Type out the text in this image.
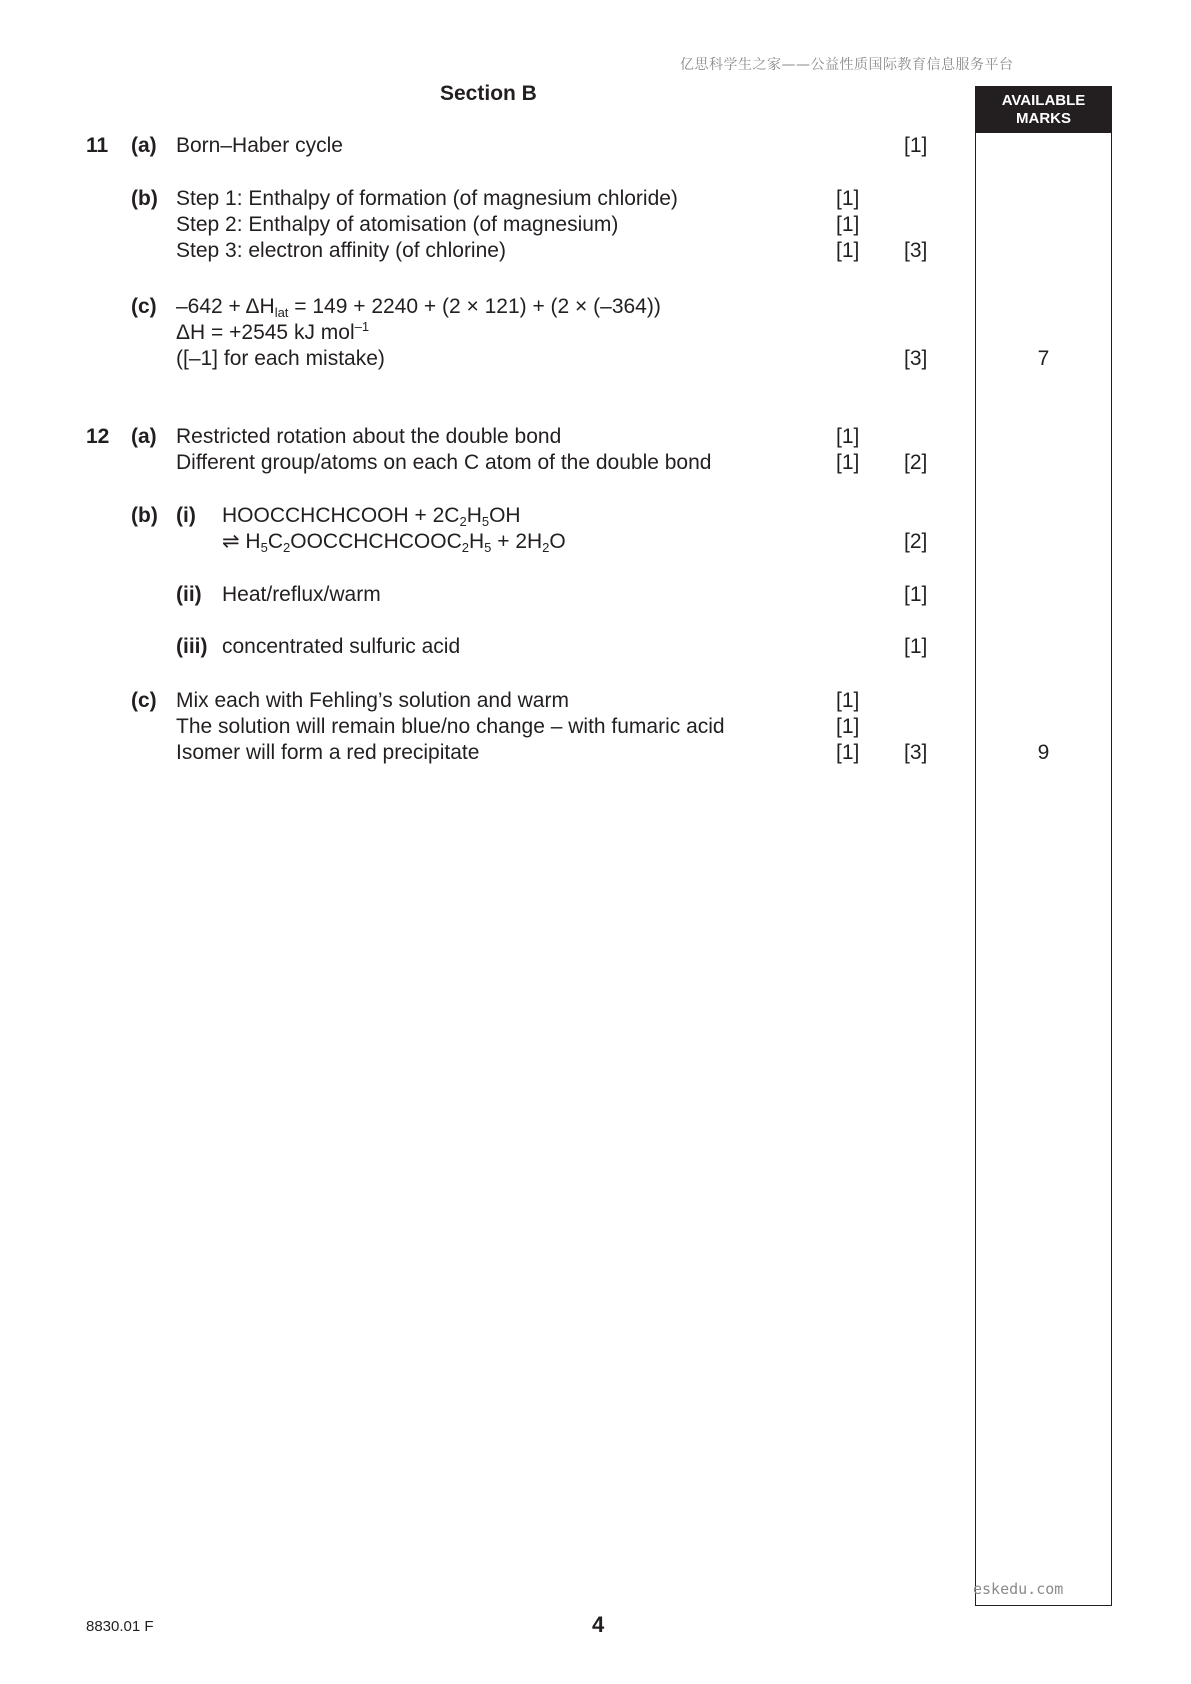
亿思科学生之家——公益性质国际教育信息服务平台
Section B	AVAILABLE
MARKS
11 (a) Born–Haber cycle	[1]
(b) Step 1: Enthalpy of formation (of magnesium chloride)	[1]
Step 2: Enthalpy of atomisation (of magnesium)	[1]
Step 3: electron affinity (of chlorine)	[1] [3]
(c) $-642 + \Delta H_{lat} = 149 + 2240 + (2 \times 121) + (2 \times (-364))$
ΔH = +2545 kJ mol$^{-1}$
([–1] for each mistake)	[3]	7
12 (a) Restricted rotation about the double bond	[1]
Different group/atoms on each C atom of the double bond	[1] [2]
(b) (i) HOOCCHCHCOOH + $2C_2H_5OH$
⇌ $H_5C_2OOCCHCHCOOC_2H_5 + 2H_2O$	[2]
(ii) Heat/reflux/warm	[1]
(iii) concentrated sulfuric acid	[1]
(c) Mix each with Fehling’s solution and warm	[1]
The solution will remain blue/no change – with fumaric acid	[1]
Isomer will form a red precipitate	[1] [3]	9
eskedu.com
8830.01 F	4
